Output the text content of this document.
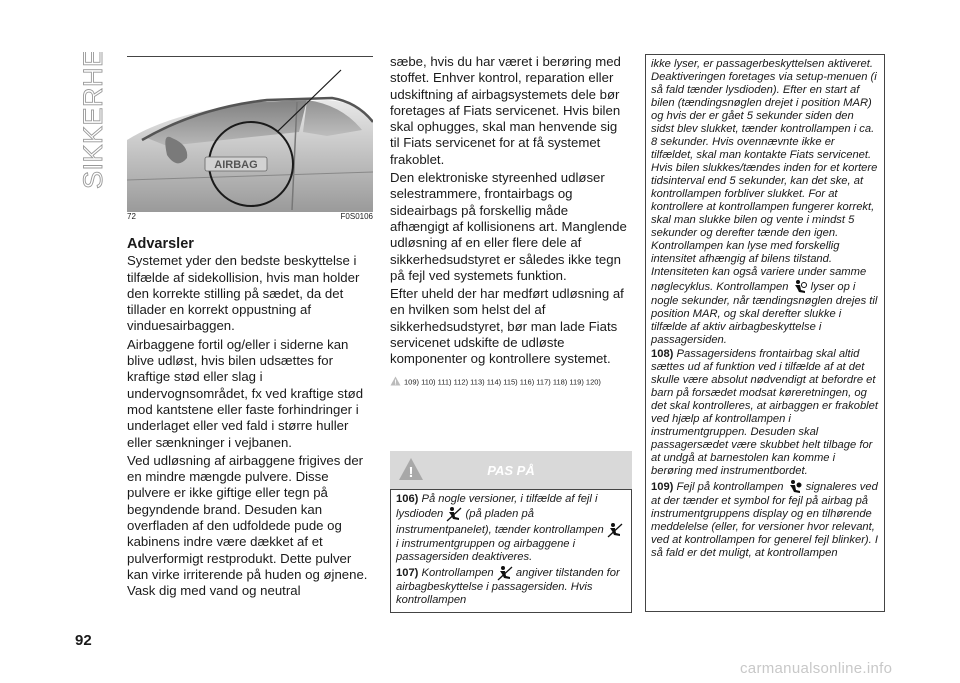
SIKKERHED	AIRBAG
72	F0S0106
Advarsler

Systemet yder den bedste beskyttelse i tilfælde af sidekollision, hvis man holder den korrekte stilling på sædet, da det tillader en korrekt oppustning af vinduesairbaggen.

Airbaggene fortil og/eller i siderne kan blive udløst, hvis bilen udsættes for kraftige stød eller slag i undervognsområdet, fx ved kraftige stød mod kantstene eller faste forhindringer i underlaget eller ved fald i større huller eller sænkninger i vejbanen.

Ved udløsning af airbaggene frigives der en mindre mængde pulvere. Disse pulvere er ikke giftige eller tegn på begyndende brand. Desuden kan overfladen af den udfoldede pude og kabinens indre være dækket af et pulverformigt restprodukt. Dette pulver kan virke irriterende på huden og øjnene. Vask dig med vand og neutral

sæbe, hvis du har været i berøring med stoffet. Enhver kontrol, reparation eller udskiftning af airbagsystemets dele bør foretages af Fiats servicenet. Hvis bilen skal ophugges, skal man henvende sig til Fiats servicenet for at få systemet frakoblet.

Den elektroniske styreenhed udløser selestrammere, frontairbags og sideairbags på forskellig måde afhængigt af kollisionens art. Manglende udløsning af en eller flere dele af sikkerhedsudstyret er således ikke tegn på fejl ved systemets funktion.

Efter uheld der har medført udløsning af en hvilken som helst del af sikkerhedsudstyret, bør man lade Fiats servicenet udskifte de udløste komponenter og kontrollere systemet.

! 109) 110) 111) 112) 113) 114) 115) 116) 117) 118) 119) 120)
!	PAS PÅ

106) På nogle versioner, i tilfælde af fejl i lysdioden (på pladen på instrumentpanelet), tænder kontrollampen  i instrumentgruppen og airbaggene i passagersiden deaktiveres.

107) Kontrollampen angiver tilstanden for airbagbeskyttelse i passagersiden. Hvis kontrollampen

ikke lyser, er passagerbeskyttelsen aktiveret. Deaktiveringen foretages via setup-menuen (i så fald tænder lysdioden). Efter en start af bilen (tændingsnøglen drejet i position MAR) og hvis der er gået 5 sekunder siden den sidst blev slukket, tænder kontrollampen i ca. 8 sekunder. Hvis ovennævnte ikke er tilfældet, skal man kontakte Fiats servicenet. Hvis bilen slukkes/tændes inden for et kortere tidsinterval end 5 sekunder, kan det ske, at kontrollampen forbliver slukket. For at kontrollere at kontrollampen fungerer korrekt, skal man slukke bilen og vente i mindst 5 sekunder og derefter tænde den igen. Kontrollampen kan lyse med forskellig intensitet afhængig af bilens tilstand. Intensiteten kan også variere under samme nøglecyklus. Kontrollampen lyser op i nogle sekunder, når tændingsnøglen drejes til position MAR, og skal derefter slukke i tilfælde af aktiv airbagbeskyttelse i passagersiden.

108) Passagersidens frontairbag skal altid sættes ud af funktion ved i tilfælde af at det skulle være absolut nødvendigt at befordre et barn på forsædet modsat køreretningen, og det skal kontrolleres, at airbaggen er frakoblet ved hjælp af kontrollampen i instrumentgruppen. Desuden skal passagersædet være skubbet helt tilbage for at undgå at barnestolen kan komme i berøring med instrumentbordet.

109) Fejl på kontrollampen signaleres ved at der tænder et symbol for fejl på airbag på instrumentgruppens display og en tilhørende meddelelse (eller, for versioner hvor relevant, ved at kontrollampen for generel fejl blinker). I så fald er det muligt, at kontrollampen

92
carmanualsonline.info
